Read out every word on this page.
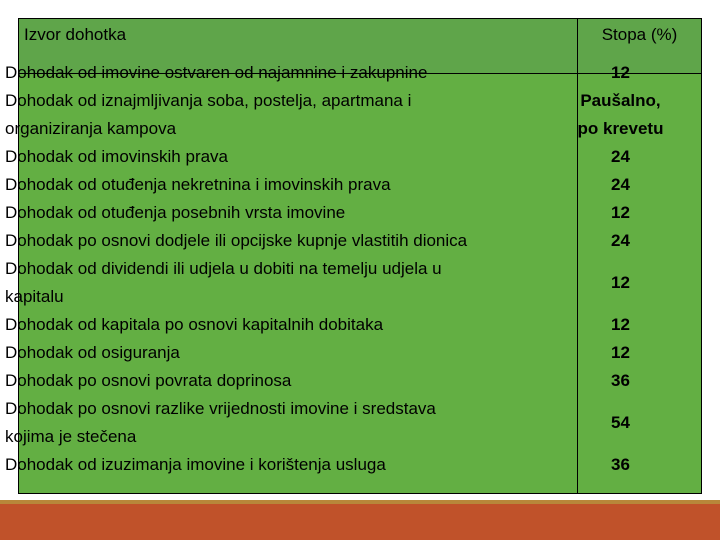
Izvor dohotka	Stopa (%)
Dohodak od imovine ostvaren od najamnine i zakupnine
Dohodak od iznajmljivanja soba, postelja, apartmana i
organiziranja kampova
Dohodak od imovinskih prava
Dohodak od otuđenja nekretnina i imovinskih prava
Dohodak od otuđenja posebnih vrsta imovine
Dohodak po osnovi dodjele ili opcijske kupnje vlastitih dionica
Dohodak od dividendi ili udjela u dobiti na temelju udjela u
kapitalu
Dohodak od kapitala po osnovi kapitalnih dobitaka
Dohodak od osiguranja
Dohodak po osnovi povrata doprinosa
Dohodak po osnovi razlike vrijednosti imovine i sredstava
kojima je stečena
Dohodak od izuzimanja imovine i korištenja usluga
12
Paušalno,
po krevetu
24
24
12
24
12
12
12
36
54
36
